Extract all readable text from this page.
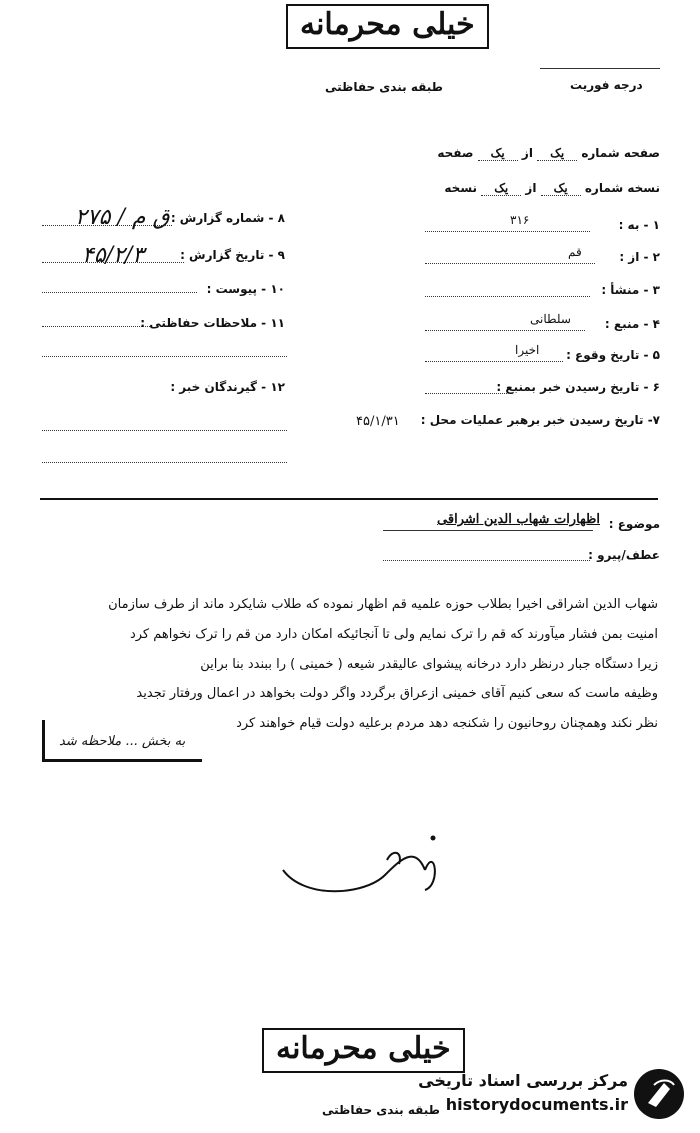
خیلی محرمانه
طبقه بندی حفاظتی	درجه فوریت
صفحه شماره یک از یک صفحه
نسخه شماره یک از یک نسخه
۱ - به :
۳۱۶
۲ - از :
قم
۳ - منشأ :
۴ - منبع :
سلطانی
۵ - تاریخ وقوع :
اخیرا
۶ - تاریخ رسیدن خبر بمنبع :
۷- تاریخ رسیدن خبر برهبر عملیات محل :
۴۵/۱/۳۱
۸ - شماره گزارش :
۲۷۵ / ق م
۹ - تاریخ گزارش :
۴۵/۲/۳
۱۰ - پیوست :
۱۱ - ملاحظات حفاظتی :
۱۲ - گیرندگان خبر :
موضوع :
اظهارات شهاب الدین اشراقی
عطف/پیرو :
شهاب الدین اشراقی اخیرا بطلاب حوزه علمیه قم اظهار نموده که طلاب شایکرد ماند از طرف سازمان
امنیت بمن فشار میآورند که قم را ترک نمایم ولی تا آنجائیکه امکان دارد من قم را ترک نخواهم کرد
زیرا دستگاه جبار درنظر دارد درخانه پیشوای عالیقدر شیعه ( خمینی ) را ببندد بنا براین
وظیفه ماست که سعی کنیم آقای خمینی ازعراق برگردد واگر دولت بخواهد در اعمال ورفتار تجدید
نظر نکند وهمچنان روحانیون را شکنجه دهد مردم برعلیه دولت قیام خواهند کرد
به بخش ... ملاحظه شد
خیلی محرمانه
طبقه بندی حفاظتی
مرکز بررسی اسناد تاریخی
historydocuments.ir
